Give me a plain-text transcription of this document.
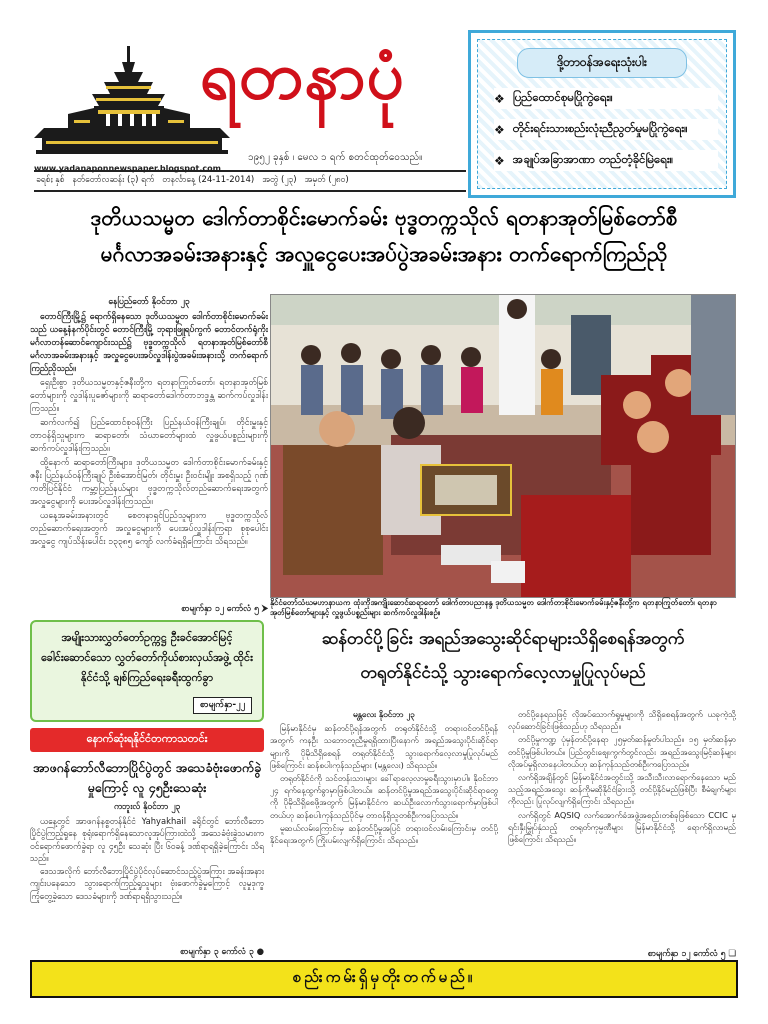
ရတနာပုံ
၁၉၅၂ ခုနှစ် ၊ မေလ ၁ ရက် စတင်ထုတ်ဝေသည်။
www.yadanaponnewspaper.blogspot.com
ခရစ်ႈ နှစ် နတ်တော်လဆန်း (၃) ရက် တနင်္လာနေ့ (24-11-2014) အတွဲ (၂၃) အမှတ် (၂၈၀)
ဒို့တာဝန်အရေးသုံးပါး
❖ ပြည်ထောင်စုမပြိုကွဲရေး။
❖ တိုင်းရင်းသားစည်းလုံးညီညွတ်မှုမပြိုကွဲရေး။
❖ အချုပ်အခြာအာဏာ တည်တံ့ခိုင်မြဲရေး။
ဒုတိယသမ္မတ ဒေါက်တာစိုင်းမောက်ခမ်း ဗုဒ္ဓတက္ကသိုလ် ရတနာအုတ်မြစ်တော်စီ
မင်္ဂလာအခမ်းအနားနှင့် အလှူငွေပေးအပ်ပွဲအခမ်းအနား တက်ရောက်ကြည်ညို
နေပြည်တော် နိုဝင်ဘာ ၂၃

တောင်ကြီးမြို့၌ ရောက်ရှိနေသော ဒုတိယသမ္မတ ဒေါက်တာစိုင်းမောက်ခမ်းသည် ယနေ့နံနက်ပိုင်းတွင် တောင်ကြီးမြို့ ဘုရားဖြူရပ်ကွက် တောင်တက်ရုံကိုး မင်္ဂလာတန်ဆောင်ကျောင်းသည်၌ ဗုဒ္ဓတက္ကသိုလ် ရတနာအုတ်မြစ်တော်စီမင်္ဂလာအခမ်းအနားနှင့် အလှူငွေပေးအပ်လှူဒါန်းပွဲအခမ်းအနားသို့ တက်ရောက်ကြည်ညိုသည်။

ရှေးဦးစွာ ဒုတိယသမ္မတနှင့်ဇနီးတို့က ရတနာကြုတ်တော်၊ ရတနာအုတ်မြစ်တော်များကို လှူဒါန်းပူဇော်များကို ဆရာတော်ဒေါက်တာဘဒ္ဒန္တ ဆက်ကပ်လှူဒါန်းကြသည်။

ဆက်လက်၍ ပြည်ထောင်စုဝန်ကြီး ပြည်နယ်ဝန်ကြီးချုပ်၊ တိုင်းမှူးနှင့် တာဝန်ရှိသူများက ဆရာတော်၊ သံဃာတော်များထံ လှူဖွယ်ပစ္စည်းများကို ဆက်ကပ်လှူဒါန်းကြသည်။

ထို့နောက် ဆရာတော်ကြီးများ၊ ဒုတိယသမ္မတ ဒေါက်တာစိုင်းမောက်ခမ်းနှင့်ဇနီး ပြည်နယ်ဝန်ကြီးချုပ် ဦးစံအောင်မြတ်၊ တိုင်းမှူး ဦးဝင်းမျိုး အစရှိသည့် ဂုဏ်ကတိပြင်နိုင်ငံ ကမ္ဘာ့ပြည်နယ်များ ဗုဒ္ဓတက္ကသိုလ်တည်ဆောက်ရေးအတွက် အလှူငွေများကို ပေးအပ်လှူဒါန်းကြသည်။

ယနေ့အခမ်းအနားတွင် စေတနာရှင်ပြည်သူများက ဗုဒ္ဓတက္ကသိုလ်တည်ဆောက်ရေးအတွက် အလှူငွေများကို ပေးအပ်လှူဒါန်းကြရာ စုစုပေါင်းအလှူငွေ ကျပ်သိန်းပေါင်း ၁၃၃၈၅ ကျော် လက်ခံရရှိကြောင်း သိရသည်။

စာမျက်နှာ ၁၂ ကော်လံ ၅ ⮞
နိုင်ငံတော်သံဃမဟာနာယက ထုံးကိုအကျိုးဆောင်ဆရာတော် ဒေါက်တာပညာနန္ဒ ဒုတိယသမ္မတ ဒေါက်တာစိုင်းမောက်ခမ်းနှင့်ဇနီးတို့က ရတနာကြုတ်တော်၊ ရတနာအုတ်မြစ်တော်များနှင့် လှူဖွယ်ပစ္စည်းများ ဆက်ကပ်လှူဒါန်းစဉ်။
အမျိုးသားလွှတ်တော်ဥက္ကဋ္ဌ ဦးခင်အောင်မြင့် ခေါင်းဆောင်သော လွှတ်တော်ကိုယ်စားလှယ်အဖွဲ့ ထိုင်းနိုင်ငံသို့ ချစ်ကြည်ရေးခရီးထွက်ခွာ
စာမျက်နှာ-၂၂
နောက်ဆုံးရနိုင်ငံတကာသတင်း
အာဖဂန်ဘော်လီဘောပြိုင်ပွဲတွင် အသေခံဗုံးဖောက်ခွဲမှုကြောင့် လူ ၄၅ဦးသေဆုံး
ကဘူးလ် နိုဝင်ဘာ ၂၃

ယနေ့တွင် အာဖဂန်နစ္စတန်နိုင်ငံ Yahyakhail ခရိုင်တွင် ဘော်လီဘောပြိုင်ပွဲကြည့်ရှုနေ စုရုံးရောက်ရှိနေသောလူအုပ်ကြားထဲသို့ အသေခံဗုံးခွဲသမားက ဝင်ရောက်ဖောက်ခွဲရာ လူ ၄၅ဦး သေဆုံး ပြီး ၆၀ခန့် ဒဏ်ရာရရှိခဲ့ကြောင်း သိရသည်။

ဒေသအလိုက် ဘော်လီဘောပြိုင်ပွဲပိုင်လုပ်ဆောင်သည့်ပွဲအကြား အခန်းအနားကျင်းပနေသော သွားရောက်ကြည့်ရှုသူများ ဗုံးဖောက်ခွဲမှုကြောင့် လူမှုဒုက္ခကြုံတွေ့ခဲ့သော ဒေသခံများကို ဒဏ်ရာရရှိသွားသည်။

စာမျက်နှာ ၃ ကော်လံ ၃ ●
ဆန်တင်ပို့ခြင်း အရည်အသွေးဆိုင်ရာများသိရှိစေရန်အတွက်
တရုတ်နိုင်ငံသို့ သွားရောက်လေ့လာမှုပြုလုပ်မည်
မန္တလေး နိုဝင်ဘာ ၂၃

မြန်မာနိုင်ငံမှ ဆန်တင်ပို့ရန်အတွက် တရုတ်နိုင်ငံသို့ တရားဝင်တင်ပို့ရန်အတွက် ကနဦး သဘောတူညီမှုရရှိထားပြီးနောက် အရည်အသွေးပိုင်းဆိုင်ရာများကို ပိုမိုသိရှိစေရန် တရုတ်နိုင်ငံသို့ သွားရောက်လေ့လာမှုပြုလုပ်မည်ဖြစ်ကြောင်း ဆန်စပါးကုန်သည်များ (မန္တလေး) သိရသည်။

တရုတ်နိုင်ငံကို သင်တန်းသားများ ခေါ်ရာလေ့လာမှုခရီးသွားမှာပါ။ နိုဝင်ဘာ ၂၄ ရက်နေ့ထွက်ခွာမှာဖြစ်ပါတယ်။ ဆန်တင်ပို့မှုအရည်အသွေးပိုင်းဆိုင်ရာတွေကို ပိုမိုသိရှိစေဖို့အတွက် မြန်မာနိုင်ငံက ဆယ်ဦးလောက်သွားရောက်မှာဖြစ်ပါတယ်ဟု ဆန်စပါးကုန်သည်ပိုင်မှ တာဝန်ရှိသူတစ်ဦးကပြောသည်။

မူဆယ်လမ်းကြောင်းမှ ဆန်တင်ပို့မှုအပြင် တရားဝင်လမ်းကြောင်းမှ တင်ပို့နိုင်ရေးအတွက် ကြိုးပမ်းလျက်ရှိကြောင်း သိရသည်။

တင်ပို့နေရသဖြင့် လိုအပ်သောက်ရှုမှုများကို သိရှိစေရန်အတွက် ယခုကဲ့သို့လုပ်ဆောင်ခြင်းဖြစ်သည်ဟု သိရသည်။

တင်ပို့မှုကဏ္ဍ ပုံမှန်တင်ပို့နေရာ ၂၅မှတ်ဆန်မှုတ်ပါသည်။ ၁၅ မှတ်ဆန်မှာ တင်ပို့မှုဖြစ်ပါတယ်။ ပြည်တွင်းဈေးကွက်တွင်လည်း အရည်အသွေးမြင့်ဆန်များ လိုအပ်မှုရှိလာနေပါတယ်ဟု ဆန်ကုန်သည်တစ်ဦးကပြောသည်။

လက်ရှိအချိန်တွင် မြန်မာနိုင်ငံအတွင်းသို့ အသီးသီးလာရောက်နေသော မည်သည့်အရည်အသွေး ဆန်ကိုမဆိုနိုင်ငံခြားသို့ တင်ပို့နိုင်မည်ဖြစ်ပြီး စီမံချက်များကိုလည်း ပြုလုပ်လျက်ရှိကြောင်း သိရသည်။

လက်ရှိတွင် AQSIQ လက်အောက်ခံအဖွဲ့အစည်းတစ်ခုဖြစ်သော CCIC မှ ရင်းနှီးမြှုပ်နှံသည့် တရုတ်ကုမ္ပဏီများ မြန်မာနိုင်ငံသို့ ရောက်ရှိလာမည်ဖြစ်ကြောင်း သိရသည်။

စာမျက်နှာ ၁၂ ကော်လံ ၅ ❏
စည်းကမ်းရှိမှတိုးတက်မည်။
